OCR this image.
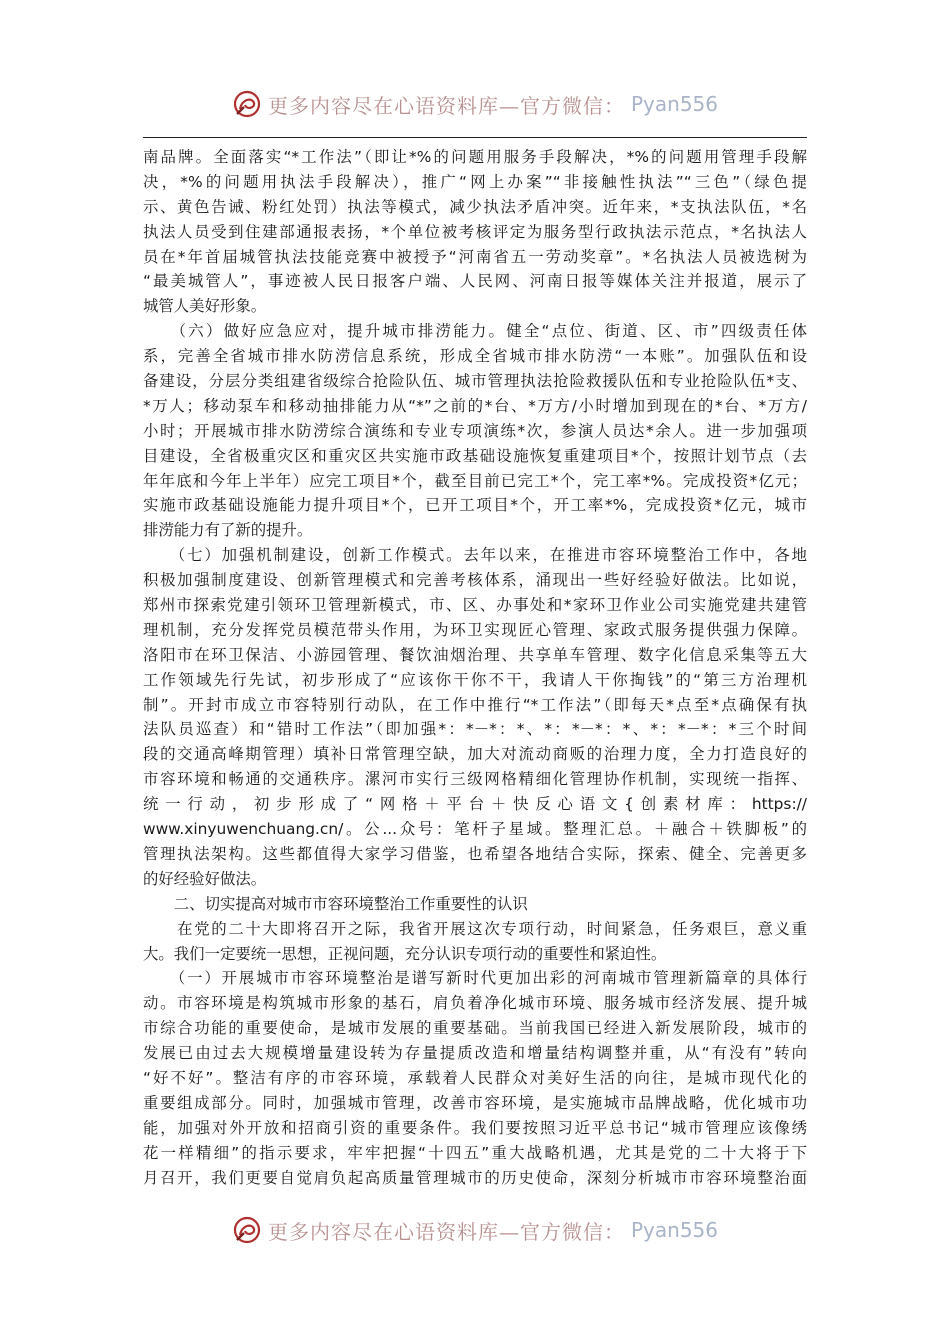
更多内容尽在心语资料库—官方微信： Pyan556
南品牌。全面落实“*工作法”（即让*%的问题用服务手段解决，*%的问题用管理手段解
决，*%的问题用执法手段解决），推广“网上办案”“非接触性执法”“三色”（绿色提
示、黄色告诫、粉红处罚）执法等模式，减少执法矛盾冲突。近年来，*支执法队伍，*名
执法人员受到住建部通报表扬，*个单位被考核评定为服务型行政执法示范点，*名执法人
员在*年首届城管执法技能竞赛中被授予“河南省五一劳动奖章”。*名执法人员被选树为
“最美城管人”，事迹被人民日报客户端、人民网、河南日报等媒体关注并报道，展示了
城管人美好形象。
　　（六）做好应急应对，提升城市排涝能力。健全“点位、街道、区、市”四级责任体
系，完善全省城市排水防涝信息系统，形成全省城市排水防涝“一本账”。加强队伍和设
备建设，分层分类组建省级综合抢险队伍、城市管理执法抢险救援队伍和专业抢险队伍*支、
*万人；移动泵车和移动抽排能力从“*”之前的*台、*万方/小时增加到现在的*台、*万方/
小时；开展城市排水防涝综合演练和专业专项演练*次，参演人员达*余人。进一步加强项
目建设，全省极重灾区和重灾区共实施市政基础设施恢复重建项目*个，按照计划节点（去
年年底和今年上半年）应完工项目*个，截至目前已完工*个，完工率*%。完成投资*亿元；
实施市政基础设施能力提升项目*个，已开工项目*个，开工率*%，完成投资*亿元，城市
排涝能力有了新的提升。
　　（七）加强机制建设，创新工作模式。去年以来，在推进市容环境整治工作中，各地
积极加强制度建设、创新管理模式和完善考核体系，涌现出一些好经验好做法。比如说，
郑州市探索党建引领环卫管理新模式，市、区、办事处和*家环卫作业公司实施党建共建管
理机制，充分发挥党员模范带头作用，为环卫实现匠心管理、家政式服务提供强力保障。
洛阳市在环卫保洁、小游园管理、餐饮油烟治理、共享单车管理、数字化信息采集等五大
工作领域先行先试，初步形成了“应该你干你不干，我请人干你掏钱”的“第三方治理机
制”。开封市成立市容特别行动队，在工作中推行“*工作法”（即每天*点至*点确保有执
法队员巡查）和“错时工作法”（即加强*：*－*：*、*：*－*：*、*：*－*：*三个时间
段的交通高峰期管理）填补日常管理空缺，加大对流动商贩的治理力度，全力打造良好的
市容环境和畅通的交通秩序。漯河市实行三级网格精细化管理协作机制，实现统一指挥、
统一行动，初步形成了“网格＋平台＋快反心语文{创素材库：https://
www.xinyuwenchuang.cn/。公...众号：笔杆子星域。整理汇总。＋融合＋铁脚板”的
管理执法架构。这些都值得大家学习借鉴，也希望各地结合实际，探索、健全、完善更多
的好经验好做法。
　　二、切实提高对城市市容环境整治工作重要性的认识
　　在党的二十大即将召开之际，我省开展这次专项行动，时间紧急，任务艰巨，意义重
大。我们一定要统一思想，正视问题，充分认识专项行动的重要性和紧迫性。
　　（一）开展城市市容环境整治是谱写新时代更加出彩的河南城市管理新篇章的具体行
动。市容环境是构筑城市形象的基石，肩负着净化城市环境、服务城市经济发展、提升城
市综合功能的重要使命，是城市发展的重要基础。当前我国已经进入新发展阶段，城市的
发展已由过去大规模增量建设转为存量提质改造和增量结构调整并重，从“有没有”转向
“好不好”。整洁有序的市容环境，承载着人民群众对美好生活的向往，是城市现代化的
重要组成部分。同时，加强城市管理，改善市容环境，是实施城市品牌战略，优化城市功
能，加强对外开放和招商引资的重要条件。我们要按照习近平总书记“城市管理应该像绣
花一样精细”的指示要求，牢牢把握“十四五”重大战略机遇，尤其是党的二十大将于下
月召开，我们更要自觉肩负起高质量管理城市的历史使命，深刻分析城市市容环境整治面
更多内容尽在心语资料库—官方微信： Pyan556
